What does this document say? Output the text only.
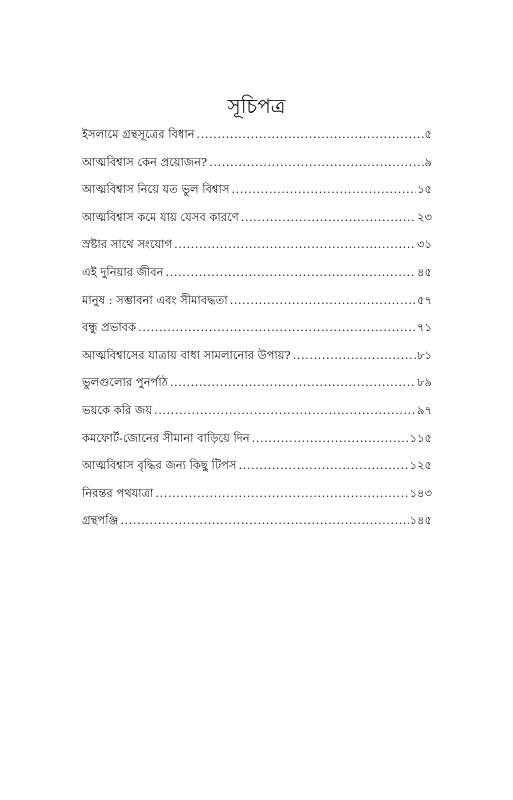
সূচিপত্র
ইসলামে গ্রন্থসূত্রের বিধান .....	৫
আত্মবিশ্বাস কেন প্রয়োজন? .....	৯
আত্মবিশ্বাস নিয়ে যত ভুল বিশ্বাস .....	১৫
আত্মবিশ্বাস কমে যায় যেসব কারণে .....	২৩
স্রষ্টার সাথে সংযোগ .....	৩১
এই দুনিয়ার জীবন .....	৪৫
মানুষ : সম্ভাবনা এবং সীমাবদ্ধতা .....	৫৭
বন্ধু প্রভাবক .....	৭১
আত্মবিশ্বাসের যাত্রায় বাধা সামলানোর উপায়? .....	৮১
ভুলগুলোর পুনর্পাঠ .....	৮৯
ভয়কে করি জয় .....	৯৭
কমফোর্ট-জোনের সীমানা বাড়িয়ে দিন .....	১১৫
আত্মবিশ্বাস বৃদ্ধির জন্য কিছু টিপস .....	১২৫
নিরন্তর পথযাত্রা .....	১৪৩
গ্রন্থপঞ্জি .....	১৪৫
